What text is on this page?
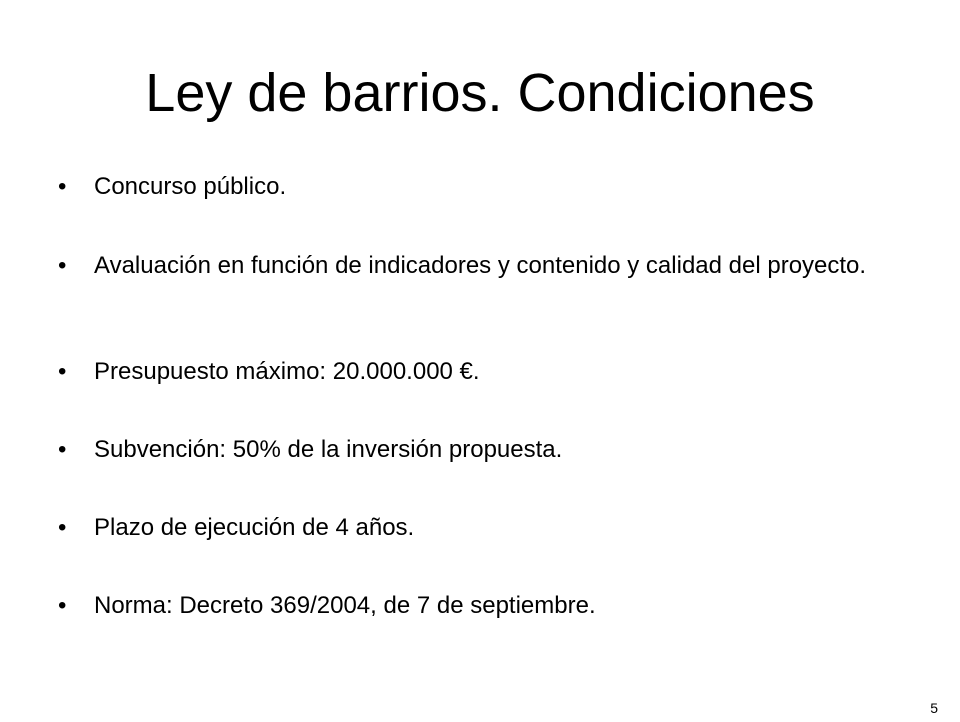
Ley de barrios. Condiciones
•	Concurso público.
•	Avaluación en función de indicadores y contenido y calidad del proyecto.
•	Presupuesto máximo: 20.000.000 €.
•	Subvención: 50% de la inversión propuesta.
•	Plazo de ejecución de 4 años.
•	Norma: Decreto 369/2004, de 7 de septiembre.
5
